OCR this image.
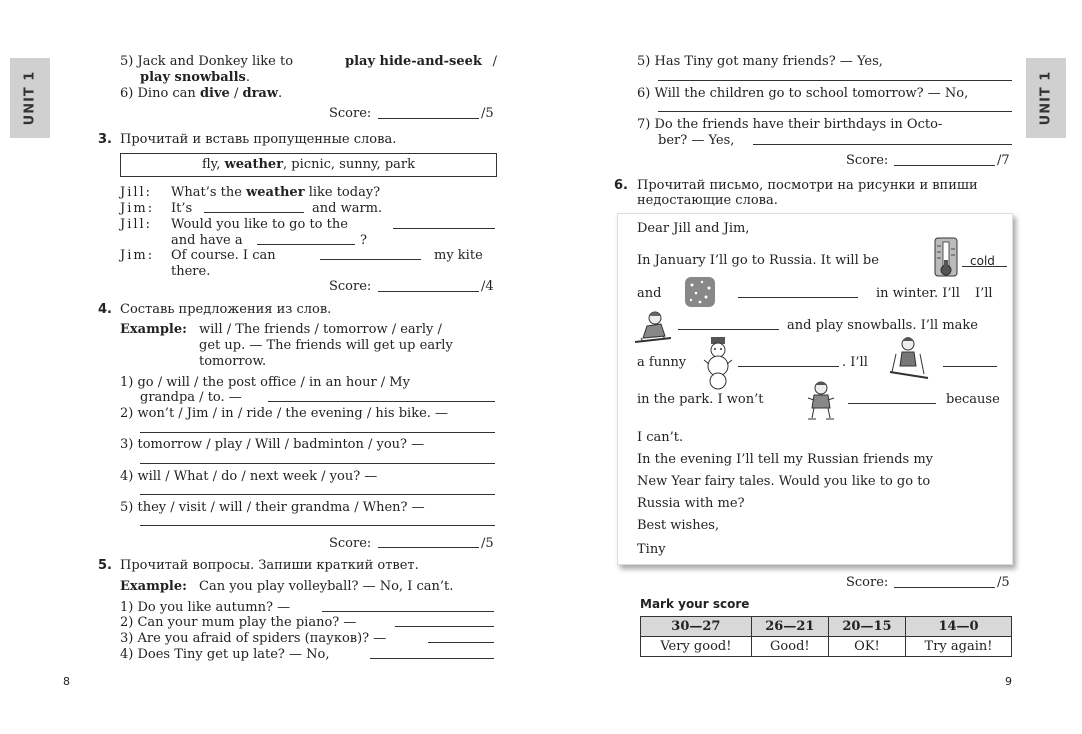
UNIT 1	UNIT 1
5) Jack and Donkey like to	play hide-and-seek /
play snowballs.
6) Dino can dive / draw.
Score:	/5
3. Прочитай и вставь пропущенные слова.
fly, weather, picnic, sunny, park
Jill: What’s the weather like today?
Jim: It’s	and warm.
Jill: Would you like to go to the
and have a	?
Jim: Of course. I can	my kite
there.
Score:	/4
4. Составь предложения из слов.
Example: will / The friends / tomorrow / early /
get up. — The friends will get up early
tomorrow.
1) go / will / the post office / in an hour / My
grandpa / to. —
2) won’t / Jim / in / ride / the evening / his bike. —
3) tomorrow / play / Will / badminton / you? —
4) will / What / do / next week / you? —
5) they / visit / will / their grandma / When? —
Score:	/5
5. Прочитай вопросы. Запиши краткий ответ.
Example: Can you play volleyball? — No, I can’t.
1) Do you like autumn? —
2) Can your mum play the piano? —
3) Are you afraid of spiders (пауков)? —
4) Does Tiny get up late? — No,
8
5) Has Tiny got many friends? — Yes,
6) Will the children go to school tomorrow? — No,
7) Do the friends have their birthdays in Octo-
ber? — Yes,
Score:	/7
6. Прочитай письмо, посмотри на рисунки и впиши
недостающие слова.
Dear Jill and Jim,
In January I’ll go to Russia. It will be	cold
and	in winter. I’ll I’ll
and play snowballs. I’ll make
a funny	. I’ll
in the park. I won’t	because
I can’t.
In the evening I’ll tell my Russian friends my
New Year fairy tales. Would you like to go to
Russia with me?
Best wishes,
Tiny
Score:	/5
Mark your score
30—27	26—21	20—15	14—0
Very good!	Good!	OK!	Try again!
9
